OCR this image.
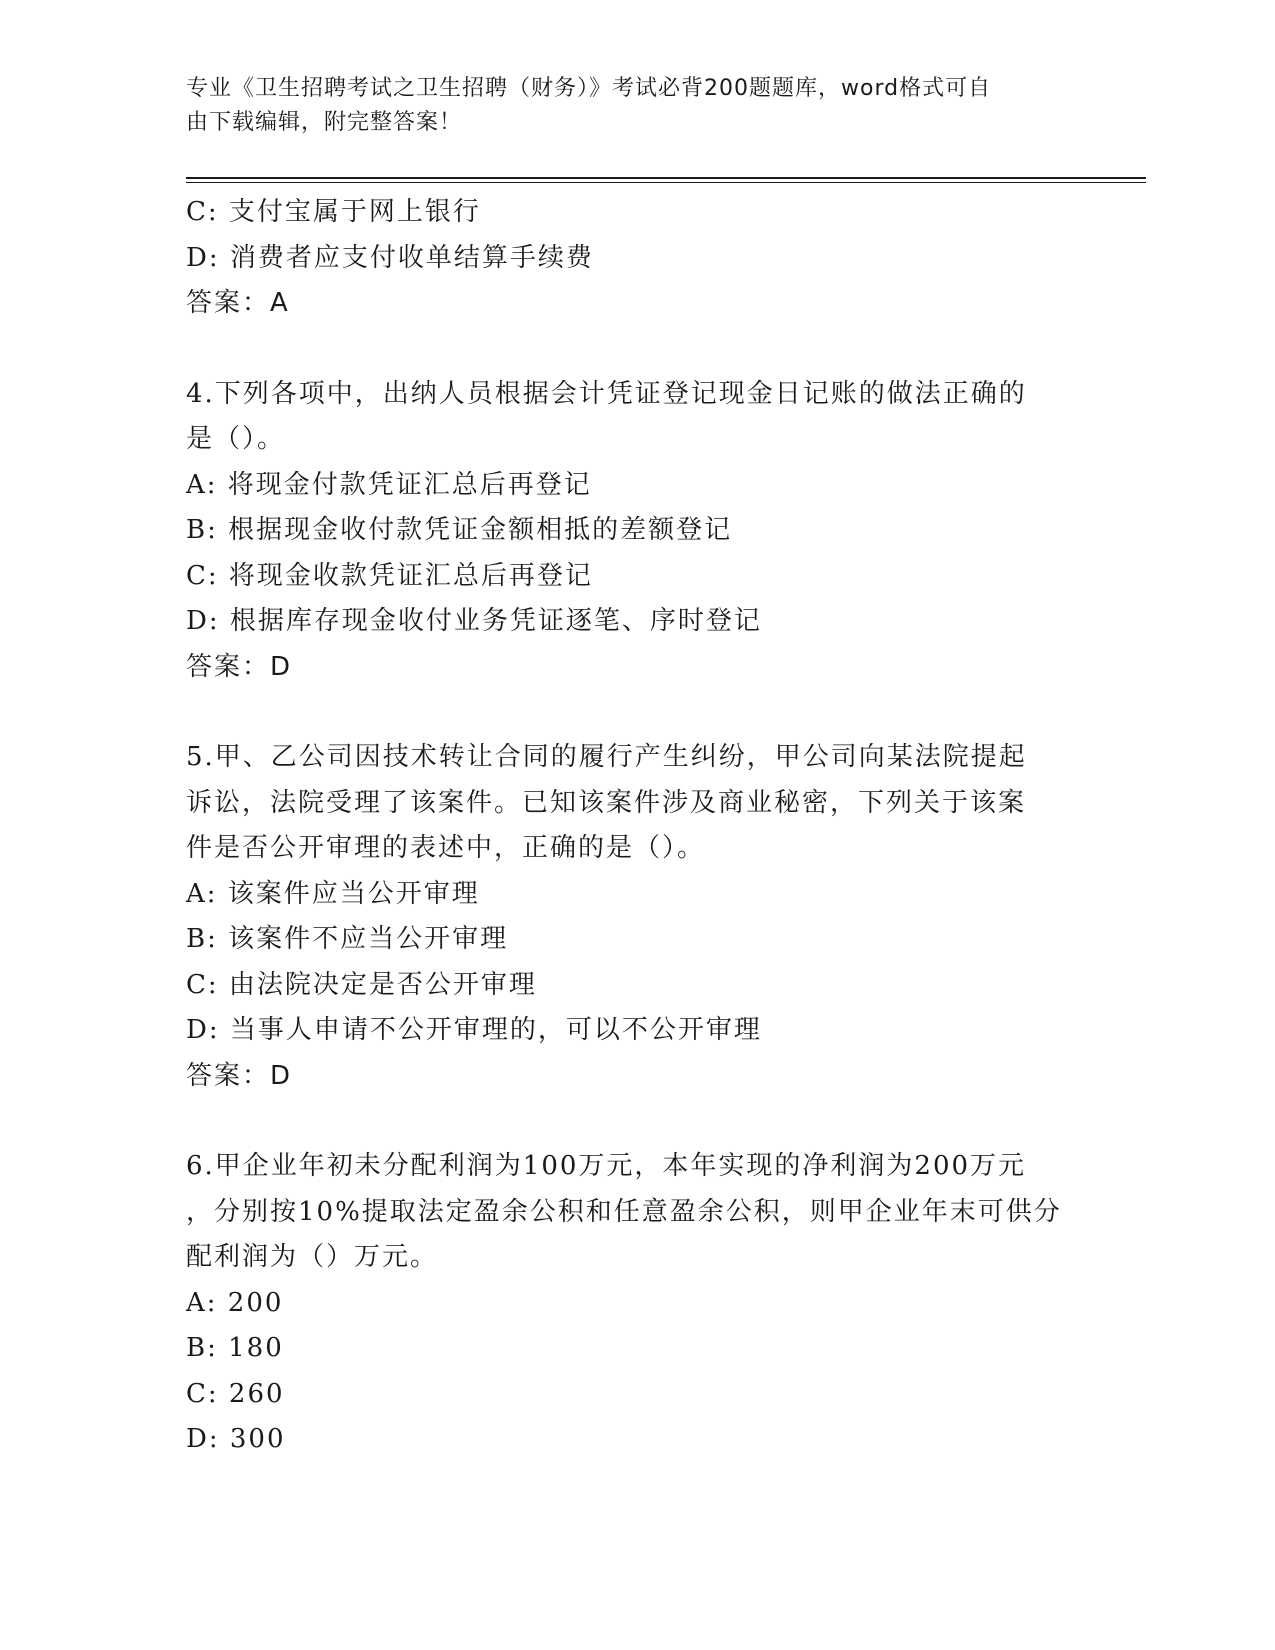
专业《卫生招聘考试之卫生招聘（财务）》考试必背200题题库，word格式可自
由下载编辑，附完整答案！
C: 支付宝属于网上银行
D: 消费者应支付收单结算手续费
答案：A
4.下列各项中，出纳人员根据会计凭证登记现金日记账的做法正确的
是（）。
A: 将现金付款凭证汇总后再登记
B: 根据现金收付款凭证金额相抵的差额登记
C: 将现金收款凭证汇总后再登记
D: 根据库存现金收付业务凭证逐笔、序时登记
答案：D
5.甲、乙公司因技术转让合同的履行产生纠纷，甲公司向某法院提起
诉讼，法院受理了该案件。已知该案件涉及商业秘密，下列关于该案
件是否公开审理的表述中，正确的是（）。
A: 该案件应当公开审理
B: 该案件不应当公开审理
C: 由法院决定是否公开审理
D: 当事人申请不公开审理的，可以不公开审理
答案：D
6.甲企业年初未分配利润为100万元，本年实现的净利润为200万元
，分别按10%提取法定盈余公积和任意盈余公积，则甲企业年末可供分
配利润为（）万元。
A: 200
B: 180
C: 260
D: 300
